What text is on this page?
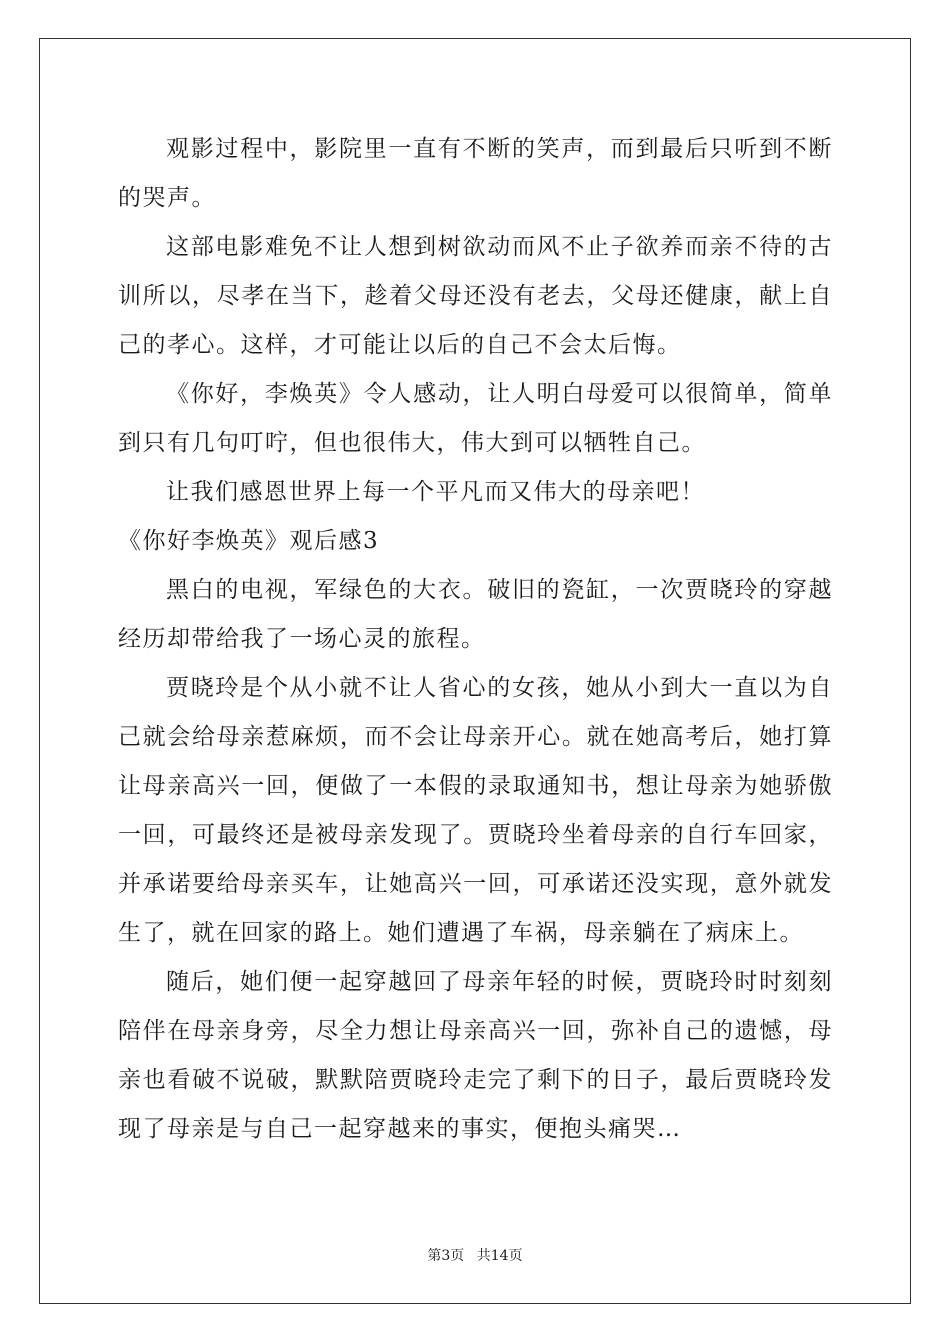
观影过程中，影院里一直有不断的笑声，而到最后只听到不断的哭声。

这部电影难免不让人想到树欲动而风不止子欲养而亲不待的古训所以，尽孝在当下，趁着父母还没有老去，父母还健康，献上自己的孝心。这样，才可能让以后的自己不会太后悔。

《你好，李焕英》令人感动，让人明白母爱可以很简单，简单到只有几句叮咛，但也很伟大，伟大到可以牺牲自己。

让我们感恩世界上每一个平凡而又伟大的母亲吧！

《你好李焕英》观后感3

黑白的电视，军绿色的大衣。破旧的瓷缸，一次贾晓玲的穿越经历却带给我了一场心灵的旅程。

贾晓玲是个从小就不让人省心的女孩，她从小到大一直以为自己就会给母亲惹麻烦，而不会让母亲开心。就在她高考后，她打算让母亲高兴一回，便做了一本假的录取通知书，想让母亲为她骄傲一回，可最终还是被母亲发现了。贾晓玲坐着母亲的自行车回家，并承诺要给母亲买车，让她高兴一回，可承诺还没实现，意外就发生了，就在回家的路上。她们遭遇了车祸，母亲躺在了病床上。

随后，她们便一起穿越回了母亲年轻的时候，贾晓玲时时刻刻陪伴在母亲身旁，尽全力想让母亲高兴一回，弥补自己的遗憾，母亲也看破不说破，默默陪贾晓玲走完了剩下的日子，最后贾晓玲发现了母亲是与自己一起穿越来的事实，便抱头痛哭…

第3页 共14页
